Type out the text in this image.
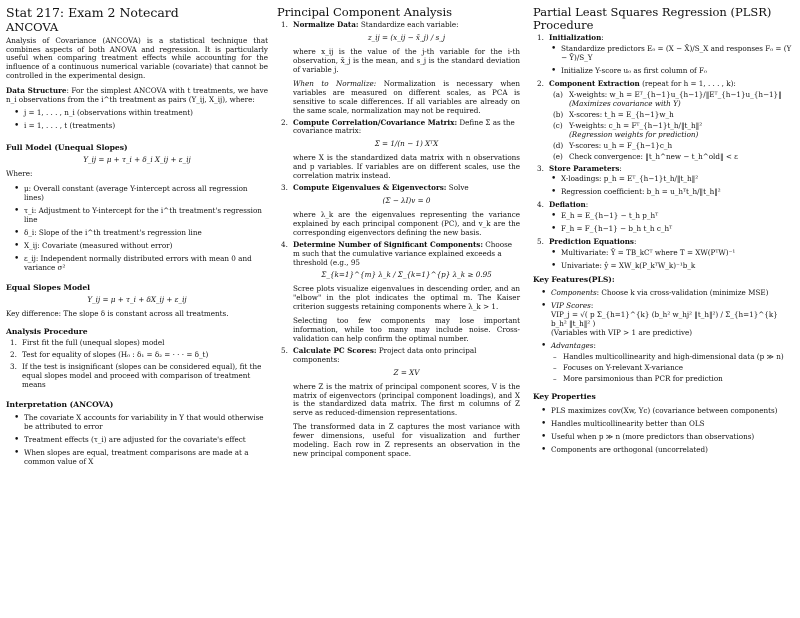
Stat 217: Exam 2 Notecard
ANCOVA

Analysis of Covariance (ANCOVA) is a statistical technique that combines aspects of both ANOVA and regression. It is particularly useful when comparing treatment effects while accounting for the influence of a continuous numerical variable (covariate) that cannot be controlled in the experimental design.

Data Structure: For the simplest ANCOVA with t treatments, we have n_i observations from the i^th treatment as pairs (Y_ij, X_ij), where:

• j = 1, . . . , n_i (observations within treatment)
• i = 1, . . . , t (treatments)
Full Model (Unequal Slopes)
Y_ij = μ + τ_i + δ_i X_ij + ε_ij

Where:

• μ: Overall constant (average Y-intercept across all regression lines)
• τ_i: Adjustment to Y-intercept for the i^th treatment's regression line
• δ_i: Slope of the i^th treatment's regression line
• X_ij: Covariate (measured without error)
• ε_ij: Independent normally distributed errors with mean 0 and variance σ²
Equal Slopes Model
Y_ij = μ + τ_i + δX_ij + ε_ij

Key difference: The slope δ is constant across all treatments.

Analysis Procedure
1. First fit the full (unequal slopes) model
2. Test for equality of slopes (H₀ : δ₁ = δ₂ = · · · = δ_t)
3. If the test is insignificant (slopes can be considered equal), fit the equal slopes model and proceed with comparison of treatment means
Interpretation (ANCOVA)
• The covariate X accounts for variability in Y that would otherwise be attributed to error
• Treatment effects (τ_i) are adjusted for the covariate's effect
• When slopes are equal, treatment comparisons are made at a common value of X
Principal Component Analysis
1. Normalize Data: Standardize each variable:
z_ij = (x_ij − x̄_j) / s_j

where x_ij is the value of the j-th variable for the i-th observation, x̄_j is the mean, and s_j is the standard deviation of variable j.

When to Normalize: Normalization is necessary when variables are measured on different scales, as PCA is sensitive to scale differences. If all variables are already on the same scale, normalization may not be required.

2. Compute Correlation/Covariance Matrix: Define Σ as the covariance matrix:
Σ = 1/(n − 1) XᵀX

where X is the standardized data matrix with n observations and p variables. If variables are on different scales, use the correlation matrix instead.

3. Compute Eigenvalues & Eigenvectors: Solve
(Σ − λI)v = 0

where λ_k are the eigenvalues representing the variance explained by each principal component (PC), and v_k are the corresponding eigenvectors defining the new basis.

4. Determine Number of Significant Components: Choose m such that the cumulative variance explained exceeds a threshold (e.g., 95
Σ_{k=1}^{m} λ_k / Σ_{k=1}^{p} λ_k ≥ 0.95

Scree plots visualize eigenvalues in descending order, and an "elbow" in the plot indicates the optimal m. The Kaiser criterion suggests retaining components where λ_k > 1.

Selecting too few components may lose important information, while too many may include noise. Cross-validation can help confirm the optimal number.

5. Calculate PC Scores: Project data onto principal components:
Z = XV

where Z is the matrix of principal component scores, V is the matrix of eigenvectors (principal component loadings), and X is the standardized data matrix. The first m columns of Z serve as reduced-dimension representations.

The transformed data in Z captures the most variance with fewer dimensions, useful for visualization and further modeling. Each row in Z represents an observation in the new principal component space.

Partial Least Squares Regression (PLSR) Procedure
1. Initialization:
• Standardize predictors E₀ = (X − X̄)/S_X and responses F₀ = (Y − Ȳ)/S_Y
• Initialize Y-score u₀ as first column of F₀
2. Component Extraction (repeat for h = 1, . . . , k):
(a) X-weights: w_h = Eᵀ_{h−1}u_{h−1}/‖Eᵀ_{h−1}u_{h−1}‖
(Maximizes covariance with Y)
(b) X-scores: t_h = E_{h−1}w_h
(c) Y-weights: c_h = Fᵀ_{h−1}t_h/‖t_h‖²
(Regression weights for prediction)
(d) Y-scores: u_h = F_{h−1}c_h
(e) Check convergence: ‖t_h^new − t_h^old‖ < ε
3. Store Parameters:
• X-loadings: p_h = Eᵀ_{h−1}t_h/‖t_h‖²
• Regression coefficient: b_h = u_hᵀt_h/‖t_h‖²
4. Deflation:
• E_h = E_{h−1} − t_h p_hᵀ
• F_h = F_{h−1} − b_h t_h c_hᵀ
5. Prediction Equations:
• Multivariate: Ŷ = TB_kCᵀ where T = XW(PᵀW)⁻¹
• Univariate: ŷ = XW_k(P_kᵀW_k)⁻¹b_k
Key Features(PLS):
• Components: Choose k via cross-validation (minimize MSE)
• VIP Scores:
VIP_j = √( p Σ_{h=1}^{k} (b_h² w_hj² ‖t_h‖²) / Σ_{h=1}^{k} b_h² ‖t_h‖² )
(Variables with VIP > 1 are predictive)
• Advantages:
– Handles multicollinearity and high-dimensional data (p ≫ n)
– Focuses on Y-relevant X-variance
– More parsimonious than PCR for prediction
Key Properties
• PLS maximizes cov(Xw, Yc) (covariance between components)
• Handles multicollinearity better than OLS
• Useful when p ≫ n (more predictors than observations)
• Components are orthogonal (uncorrelated)
